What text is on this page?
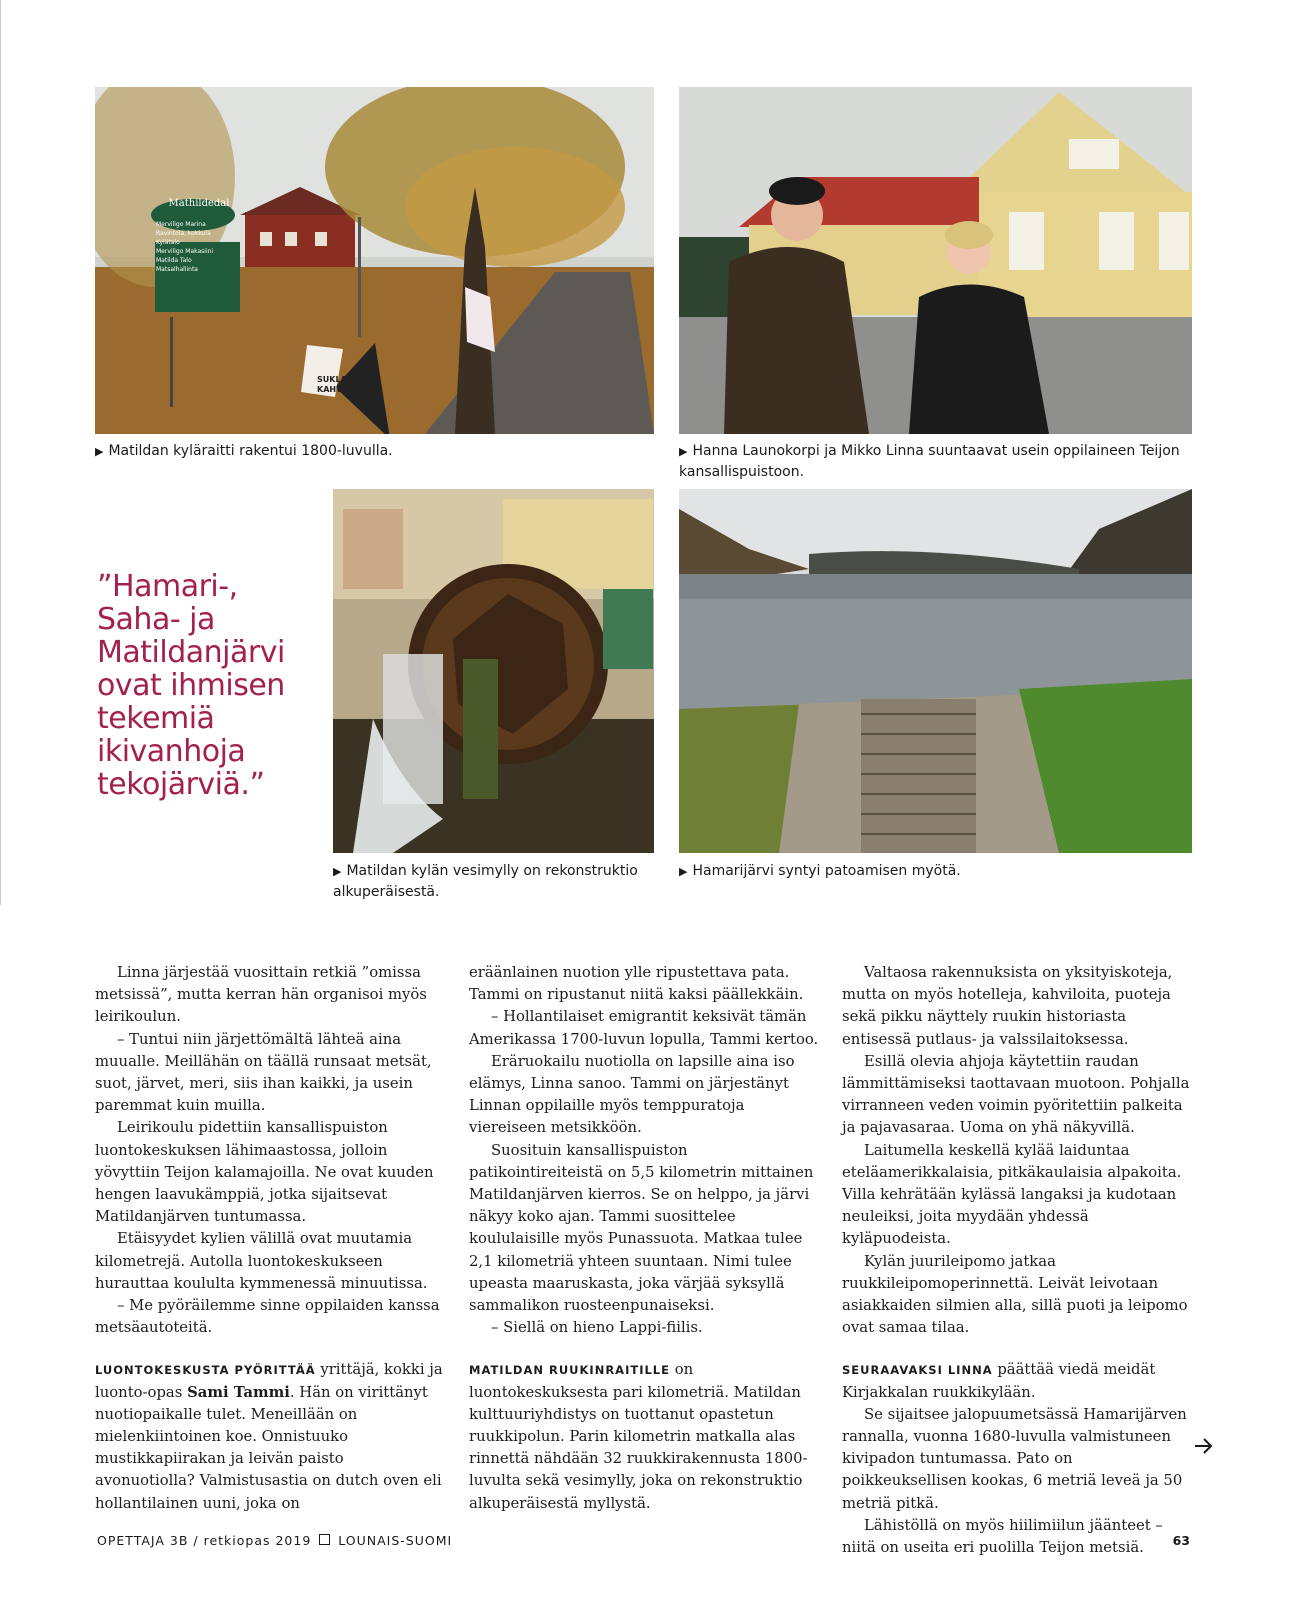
Mathildedal
Merviligo Marina
Ravintola, kokkula
Kylätalo
Merviligo Makasiini
Matilda Talo
Matsalhallinta
SUKLAA
KAHVILA
▶ Matildan kyläraitti rakentui 1800-luvulla.	▶ Hanna Launokorpi ja Mikko Linna suuntaavat usein oppilaineen Teijon kansallispuistoon.
”Hamari-,
Saha- ja
Matildanjärvi
ovat ihmisen
tekemiä
ikivanhoja
tekojärviä.”
▶ Matildan kylän vesimylly on rekonstruktio alkuperäisestä.
▶ Hamarijärvi syntyi patoamisen myötä.

Linna järjestää vuosittain retkiä ”omissa metsissä”, mutta kerran hän organisoi myös leirikoulun.

– Tuntui niin järjettömältä lähteä aina muualle. Meillähän on täällä runsaat metsät, suot, järvet, meri, siis ihan kaikki, ja usein paremmat kuin muilla.

Leirikoulu pidettiin kansallispuiston luontokeskuksen lähimaastossa, jolloin yövyttiin Teijon kalamajoilla. Ne ovat kuuden hengen laavukämppiä, jotka sijaitsevat Matildanjärven tuntumassa.

Etäisyydet kylien välillä ovat muutamia kilometrejä. Autolla luontokeskukseen hurauttaa koululta kymmenessä minuutissa.

– Me pyöräilemme sinne oppilaiden kanssa metsäautoteitä.

LUONTOKESKUSTA PYÖRITTÄÄ yrittäjä, kokki ja luonto-opas Sami Tammi. Hän on virittänyt nuotiopaikalle tulet. Meneillään on mielenkiintoinen koe. Onnistuuko mustikkapiirakan ja leivän paisto avonuotiolla? Valmistusastia on dutch oven eli hollantilainen uuni, joka on

eräänlainen nuotion ylle ripustettava pata. Tammi on ripustanut niitä kaksi päällekkäin.

– Hollantilaiset emigrantit keksivät tämän Amerikassa 1700-luvun lopulla, Tammi kertoo.

Eräruokailu nuotiolla on lapsille aina iso elämys, Linna sanoo. Tammi on järjestänyt Linnan oppilaille myös temppuratoja viereiseen metsikköön.

Suosituin kansallispuiston patikointireiteistä on 5,5 kilometrin mittainen Matildanjärven kierros. Se on helppo, ja järvi näkyy koko ajan. Tammi suosittelee koululaisille myös Punassuota. Matkaa tulee 2,1 kilometriä yhteen suuntaan. Nimi tulee upeasta maaruskasta, joka värjää syksyllä sammalikon ruosteenpunaiseksi.

– Siellä on hieno Lappi-fiilis.

MATILDAN RUUKINRAITILLE on luontokeskuksesta pari kilometriä. Matildan kulttuuriyhdistys on tuottanut opastetun ruukkipolun. Parin kilometrin matkalla alas rinnettä nähdään 32 ruukkirakennusta 1800-luvulta sekä vesimylly, joka on rekonstruktio alkuperäisestä myllystä.

Valtaosa rakennuksista on yksityiskoteja, mutta on myös hotelleja, kahviloita, puoteja sekä pikku näyttely ruukin historiasta entisessä putlaus- ja valssilaitoksessa.

Esillä olevia ahjoja käytettiin raudan lämmittämiseksi taottavaan muotoon. Pohjalla virranneen veden voimin pyöritettiin palkeita ja pajavasaraa. Uoma on yhä näkyvillä.

Laitumella keskellä kylää laiduntaa eteläamerikkalaisia, pitkäkaulaisia alpakoita. Villa kehrätään kylässä langaksi ja kudotaan neuleiksi, joita myydään yhdessä kyläpuodeista.

Kylän juurileipomo jatkaa ruukkileipomoperinnettä. Leivät leivotaan asiakkaiden silmien alla, sillä puoti ja leipomo ovat samaa tilaa.

SEURAAVAKSI LINNA päättää viedä meidät Kirjakkalan ruukkikylään.

Se sijaitsee jalopuumetsässä Hamarijärven rannalla, vuonna 1680-luvulla valmistuneen kivipadon tuntumassa. Pato on poikkeuksellisen kookas, 6 metriä leveä ja 50 metriä pitkä.

Lähistöllä on myös hiilimiilun jäänteet – niitä on useita eri puolilla Teijon metsiä.

OPETTAJA 3B / retkiopas 2019 LOUNAIS-SUOMI	63
